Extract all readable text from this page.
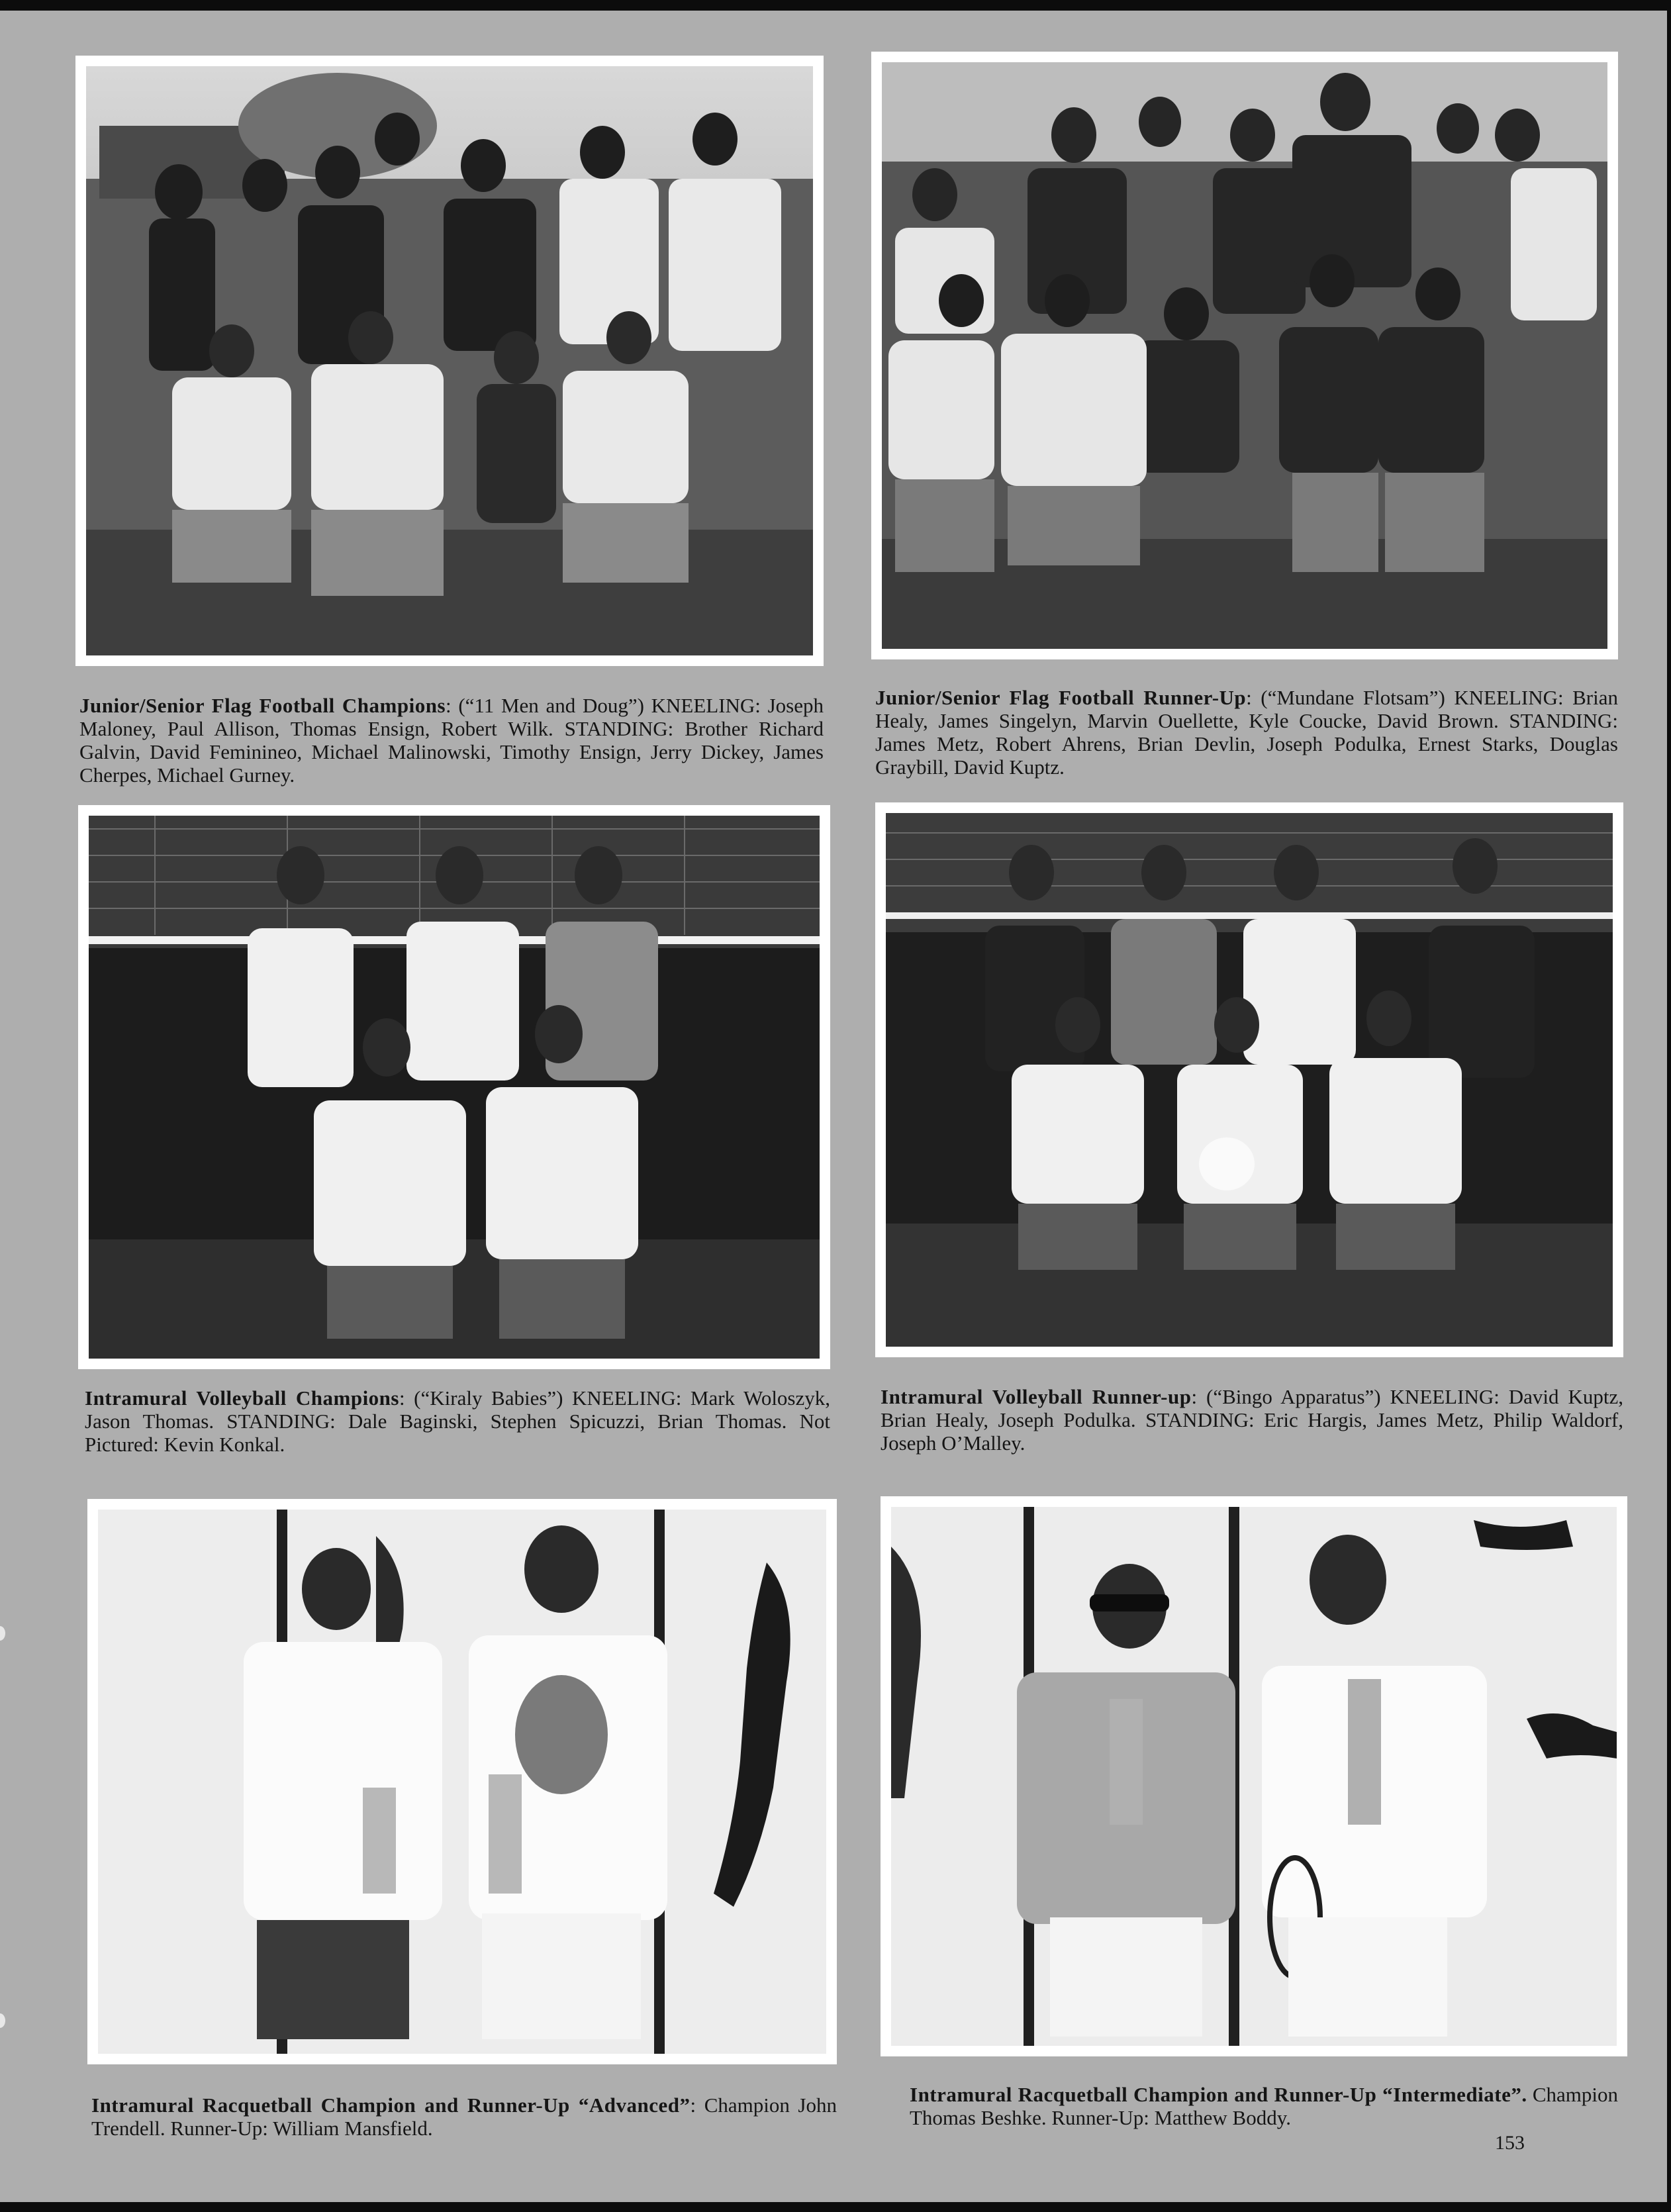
Junior/Senior Flag Football Champions: (“11 Men and Doug”) KNEELING: Joseph Maloney, Paul Allison, Thomas Ensign, Robert Wilk. STANDING: Brother Richard Galvin, David Feminineo, Michael Malinowski, Timothy Ensign, Jerry Dickey, James Cherpes, Michael Gurney.
Junior/Senior Flag Football Runner-Up: (“Mundane Flotsam”) KNEELING: Brian Healy, James Singelyn, Marvin Ouellette, Kyle Coucke, David Brown. STANDING: James Metz, Robert Ahrens, Brian Devlin, Joseph Podulka, Ernest Starks, Douglas Graybill, David Kuptz.
Intramural Volleyball Champions: (“Kiraly Babies”) KNEELING: Mark Woloszyk, Jason Thomas. STANDING: Dale Baginski, Stephen Spicuzzi, Brian Thomas. Not Pictured: Kevin Konkal.
Intramural Volleyball Runner-up: (“Bingo Apparatus”) KNEELING: David Kuptz, Brian Healy, Joseph Podulka. STANDING: Eric Hargis, James Metz, Philip Waldorf, Joseph O’Malley.
Intramural Racquetball Champion and Runner-Up “Advanced”: Champion John Trendell. Runner-Up: William Mansfield.
Intramural Racquetball Champion and Runner-Up “Intermediate”. Champion Thomas Beshke. Runner-Up: Matthew Boddy.
153
